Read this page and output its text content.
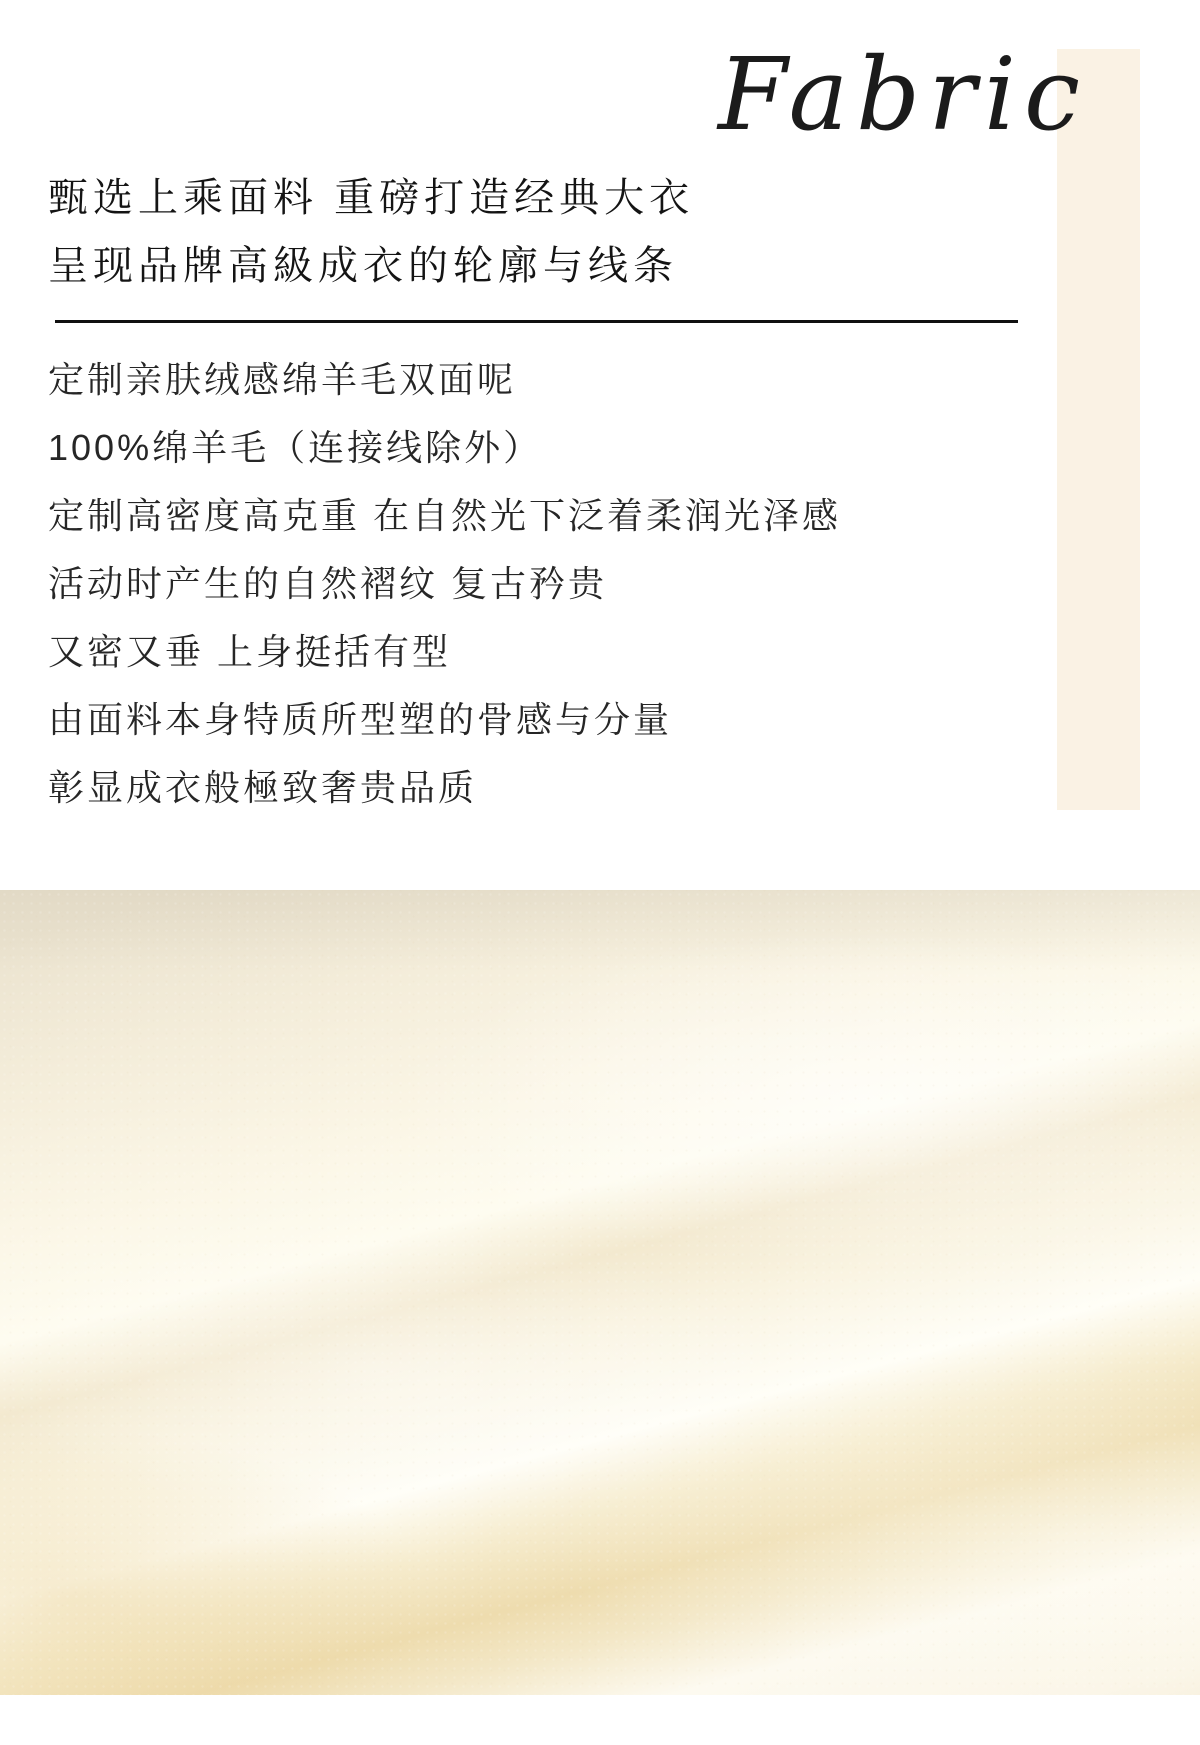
Fabric
甄选上乘面料 重磅打造经典大衣
呈现品牌高級成衣的轮廓与线条
定制亲肤绒感绵羊毛双面呢
100%绵羊毛（连接线除外）
定制高密度高克重 在自然光下泛着柔润光泽感
活动时产生的自然褶纹 复古矜贵
又密又垂 上身挺括有型
由面料本身特质所型塑的骨感与分量
彰显成衣般極致奢贵品质
